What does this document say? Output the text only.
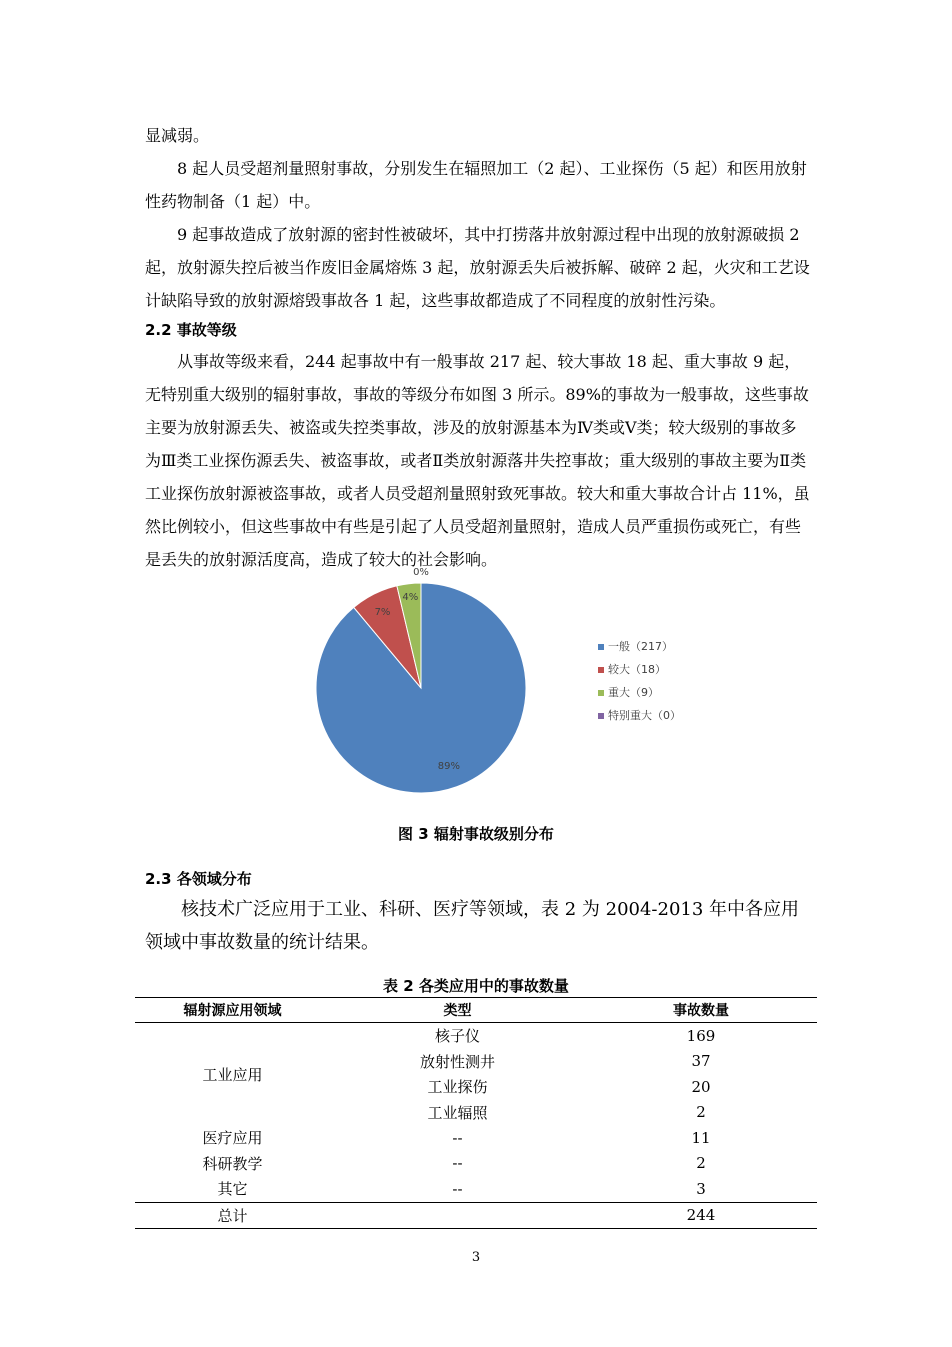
显减弱。

8 起人员受超剂量照射事故，分别发生在辐照加工（2 起）、工业探伤（5 起）和医用放射性药物制备（1 起）中。

9 起事故造成了放射源的密封性被破坏，其中打捞落井放射源过程中出现的放射源破损 2 起，放射源失控后被当作废旧金属熔炼 3 起，放射源丢失后被拆解、破碎 2 起，火灾和工艺设计缺陷导致的放射源熔毁事故各 1 起，这些事故都造成了不同程度的放射性污染。

2.2 事故等级

从事故等级来看，244 起事故中有一般事故 217 起、较大事故 18 起、重大事故 9 起，无特别重大级别的辐射事故，事故的等级分布如图 3 所示。89%的事故为一般事故，这些事故主要为放射源丢失、被盗或失控类事故，涉及的放射源基本为Ⅳ类或Ⅴ类；较大级别的事故多为Ⅲ类工业探伤源丢失、被盗事故，或者Ⅱ类放射源落井失控事故；重大级别的事故主要为Ⅱ类工业探伤放射源被盗事故，或者人员受超剂量照射致死事故。较大和重大事故合计占 11%，虽然比例较小，但这些事故中有些是引起了人员受超剂量照射，造成人员严重损伤或死亡，有些是丢失的放射源活度高，造成了较大的社会影响。

89%
7%
4%
0%
一般（217）
较大（18）
重大（9）
特别重大（0）
图 3 辐射事故级别分布

2.3 各领域分布

核技术广泛应用于工业、科研、医疗等领域，表 2 为 2004-2013 年中各应用领域中事故数量的统计结果。

表 2 各类应用中的事故数量
辐射源应用领域	类型	事故数量
工业应用	核子仪	169
	放射性测井	37
	工业探伤	20
	工业辐照	2
医疗应用	--	11
科研教学	--	2
其它	--	3
总计		244
3
